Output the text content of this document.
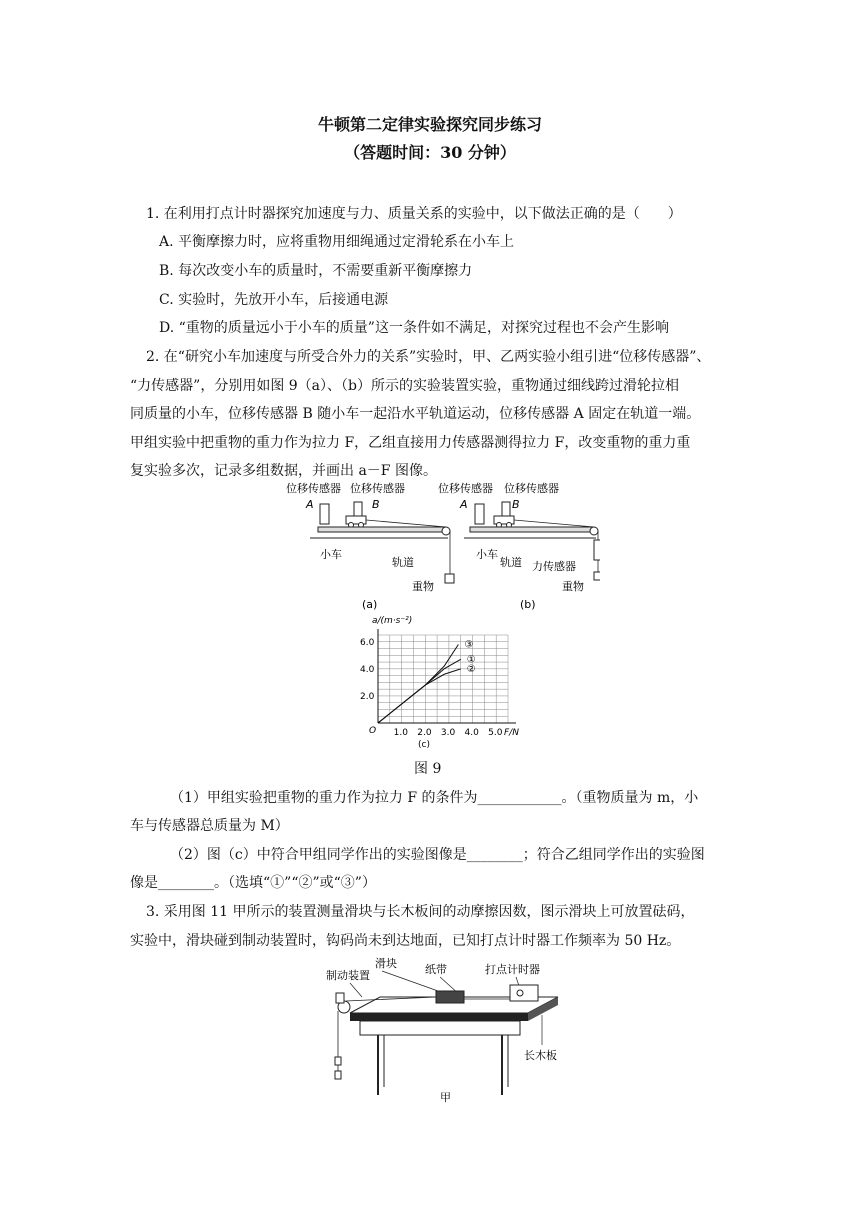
牛顿第二定律实验探究同步练习
（答题时间：30 分钟）
1. 在利用打点计时器探究加速度与力、质量关系的实验中，以下做法正确的是（　　）
A. 平衡摩擦力时，应将重物用细绳通过定滑轮系在小车上
B. 每次改变小车的质量时，不需要重新平衡摩擦力
C. 实验时，先放开小车，后接通电源
D. “重物的质量远小于小车的质量”这一条件如不满足，对探究过程也不会产生影响
2. 在“研究小车加速度与所受合外力的关系”实验时，甲、乙两实验小组引进“位移传感器”、
“力传感器”，分别用如图 9（a）、（b）所示的实验装置实验，重物通过细线跨过滑轮拉相
同质量的小车，位移传感器 B 随小车一起沿水平轨道运动，位移传感器 A 固定在轨道一端。
甲组实验中把重物的重力作为拉力 F，乙组直接用力传感器测得拉力 F，改变重物的重力重
复实验多次，记录多组数据，并画出 a－F 图像。
位移传感器 位移传感器
A	B
小车
轨道
重物
(a)
位移传感器 位移传感器
A	B
小车
轨道 力传感器
重物
(b)
1.0 2.0 3.0 4.0 5.0
2.0
4.0
6.0
O	F/N
a/(m·s⁻²)
(c)
①
②
③
图 9
（1）甲组实验把重物的重力作为拉力 F 的条件为____________。（重物质量为 m，小
车与传感器总质量为 M）
（2）图（c）中符合甲组同学作出的实验图像是________；符合乙组同学作出的实验图
像是________。（选填“①”“②”或“③”）
3. 采用图 11 甲所示的装置测量滑块与长木板间的动摩擦因数，图示滑块上可放置砝码，
实验中，滑块碰到制动装置时，钩码尚未到达地面，已知打点计时器工作频率为 50 Hz。
滑块	纸带	打点计时器
制动装置
长木板
甲
